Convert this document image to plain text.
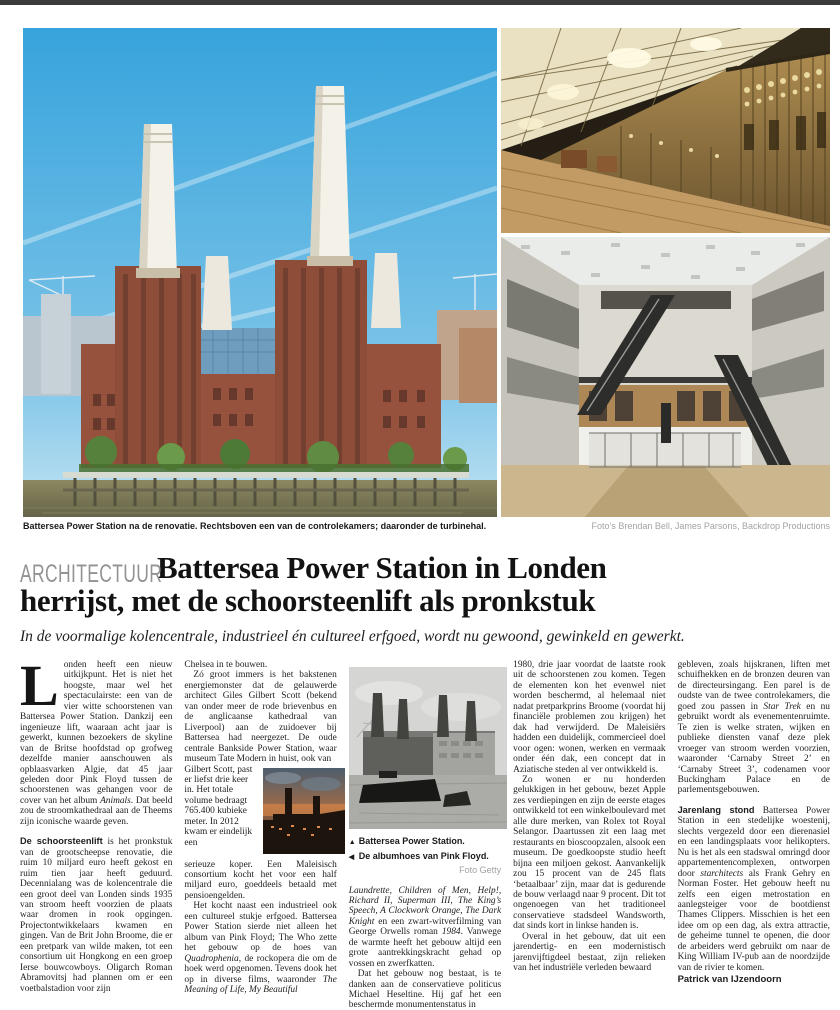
Battersea Power Station na de renovatie. Rechtsboven een van de controlekamers; daaronder de turbinehal.	Foto’s Brendan Bell, James Parsons, Backdrop Productions
ARCHITECTUUR
Battersea Power Station in Londen
herrijst, met de schoorsteenlift als pronkstuk
In de voormalige kolencentrale, industrieel én cultureel erfgoed, wordt nu gewoond, gewinkeld en gewerkt.

Londen heeft een nieuw uitkijkpunt. Het is niet het hoogste, maar wel het spectaculairste: een van de vier witte schoorstenen van Battersea Power Station. Dankzij een ingenieuze lift, waaraan acht jaar is gewerkt, kunnen bezoekers de skyline van de Britse hoofdstad op grofweg dezelfde manier aanschouwen als opblaasvarken Algie, dat 45 jaar geleden door Pink Floyd tussen de schoorstenen was gehangen voor de cover van het album Animals. Dat beeld zou de stroomkathedraal aan de Theems zijn iconische waarde geven.

De schoorsteenlift is het pronkstuk van de grootscheepse renovatie, die ruim 10 miljard euro heeft gekost en ruim tien jaar heeft geduurd. Decennialang was de kolencentrale die een groot deel van Londen sinds 1935 van stroom heeft voorzien de plaats waar dromen in rook opgingen. Projectontwikkelaars kwamen en gingen. Van de Brit John Broome, die er een pretpark van wilde maken, tot een consortium uit Hongkong en een groep Ierse bouwcowboys. Oligarch Roman Abramovitsj had plannen om er een voetbalstadion voor zijn

Chelsea in te bouwen.

Zó groot immers is het bakstenen energiemonster dat de gelauwerde architect Giles Gilbert Scott (bekend van onder meer de rode brievenbus en de anglicaanse kathedraal van Liverpool) aan de zuidoever bij Battersea had neergezet. De oude centrale Bankside Power Station, waar museum Tate Modern in huist, ook van

Gilbert Scott, past er liefst drie keer in. Het totale volume bedraagt 765.400 kubieke meter. In 2012 kwam er eindelijk een

serieuze koper. Een Maleisisch consortium kocht het voor een half miljard euro, goeddeels betaald met pensioengelden.

Het kocht naast een industrieel ook een cultureel stukje erfgoed. Battersea Power Station sierde niet alleen het album van Pink Floyd; The Who zette het gebouw op de hoes van Quadrophenia, de rockopera die om de hoek werd opgenomen. Tevens dook het op in diverse films, waaronder The Meaning of Life, My Beautiful

▲ Battersea Power Station.
◀ De albumhoes van Pink Floyd.
Foto Getty

Laundrette, Children of Men, Help!, Richard II, Superman III, The King’s Speech, A Clockwork Orange, The Dark Knight en een zwart-witverfilming van George Orwells roman 1984. Vanwege de warmte heeft het gebouw altijd een grote aantrekkingskracht gehad op vossen en zwerfkatten.

Dat het gebouw nog bestaat, is te danken aan de conservatieve politicus Michael Heseltine. Hij gaf het een beschermde monumentenstatus in

1980, drie jaar voordat de laatste rook uit de schoorstenen zou komen. Tegen de elementen kon het evenwel niet worden beschermd, al helemaal niet nadat pretparkprins Broome (voordat hij financiële problemen zou krijgen) het dak had verwijderd. De Maleisiërs hadden een duidelijk, commercieel doel voor ogen: wonen, werken en vermaak onder één dak, een concept dat in Aziatische steden al ver ontwikkeld is.

Zo wonen er nu honderden gelukkigen in het gebouw, bezet Apple zes verdiepingen en zijn de eerste etages ontwikkeld tot een winkelboulevard met alle dure merken, van Rolex tot Royal Selangor. Daartussen zit een laag met restaurants en bioscoopzalen, alsook een museum. De goedkoopste studio heeft bijna een miljoen gekost. Aanvankelijk zou 15 procent van de 245 flats ‘betaalbaar’ zijn, maar dat is gedurende de bouw verlaagd naar 9 procent. Dit tot ongenoegen van het traditioneel conservatieve stadsdeel Wandsworth, dat sinds kort in linkse handen is.

Overal in het gebouw, dat uit een jarendertig- en een modernistisch jarenvijftigdeel bestaat, zijn relieken van het industriële verleden bewaard

gebleven, zoals hijskranen, liften met schuifhekken en de bronzen deuren van de directeursingang. Een parel is de oudste van de twee controlekamers, die goed zou passen in Star Trek en nu gebruikt wordt als evenementenruimte. Te zien is welke straten, wijken en publieke diensten vanaf deze plek vroeger van stroom werden voorzien, waaronder ‘Carnaby Street 2’ en ‘Carnaby Street 3’, codenamen voor Buckingham Palace en de parlementsgebouwen.

Jarenlang stond Battersea Power Station in een stedelijke woestenij, slechts vergezeld door een dierenasiel en een landingsplaats voor helikopters. Nu is het als een stadswal omringd door appartementencomplexen, ontworpen door starchitects als Frank Gehry en Norman Foster. Het gebouw heeft nu zelfs een eigen metrostation en aanlegsteiger voor de bootdienst Thames Clippers. Misschien is het een idee om op een dag, als extra attractie, de geheime tunnel te openen, die door de arbeiders werd gebruikt om naar de King William IV-pub aan de noordzijde van de rivier te komen.

Patrick van IJzendoorn
